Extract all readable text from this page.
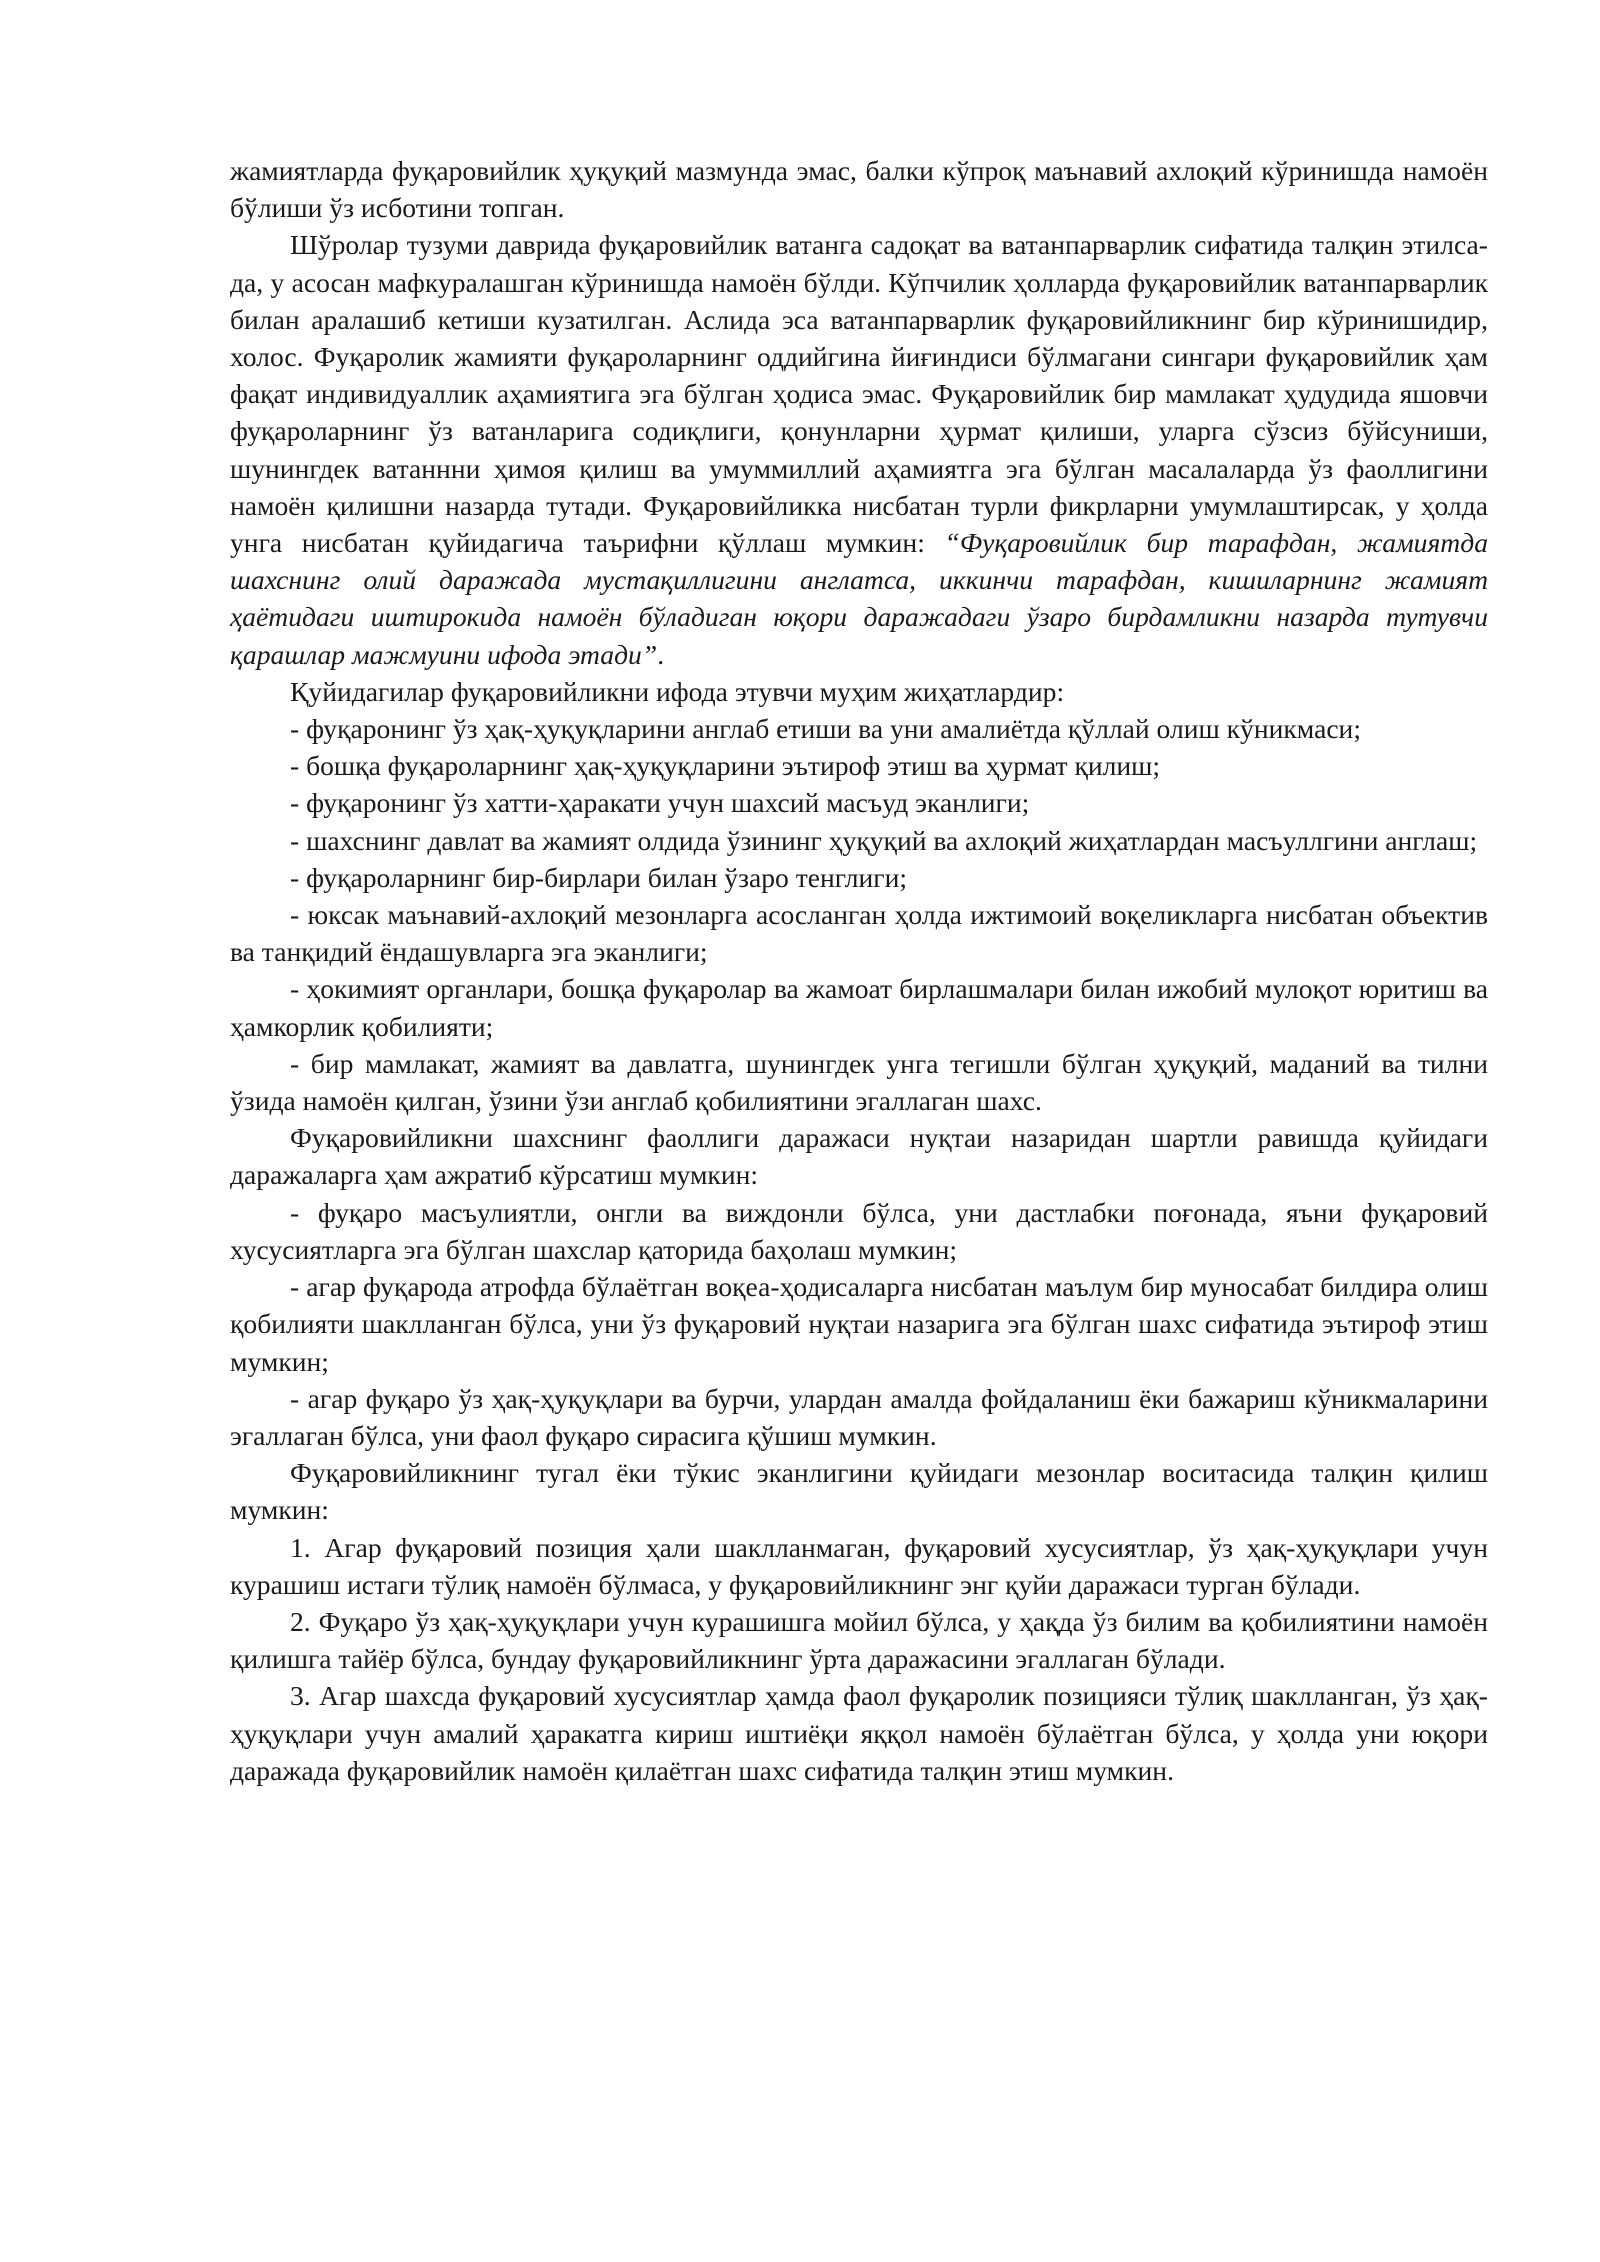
жамиятларда фуқаровийлик ҳуқуқий мазмунда эмас, балки кўпроқ маънавий ахлоқий кўринишда намоён бўлиши ўз исботини топган.

Шўролар тузуми даврида фуқаровийлик ватанга садоқат ва ватанпарварлик сифатида талқин этилса-да, у асосан мафкуралашган кўринишда намоён бўлди. Кўпчилик ҳолларда фуқаровийлик ватанпарварлик билан аралашиб кетиши кузатилган. Аслида эса ватанпарварлик фуқаровийликнинг бир кўринишидир, холос. Фуқаролик жамияти фуқароларнинг оддийгина йиғиндиси бўлмагани сингари фуқаровийлик ҳам фақат индивидуаллик аҳамиятига эга бўлган ҳодиса эмас. Фуқаровийлик бир мамлакат ҳудудида яшовчи фуқароларнинг ўз ватанларига содиқлиги, қонунларни ҳурмат қилиши, уларга сўзсиз бўйсуниши, шунингдек ватаннни ҳимоя қилиш ва умуммиллий аҳамиятга эга бўлган масалаларда ўз фаоллигини намоён қилишни назарда тутади. Фуқаровийликка нисбатан турли фикрларни умумлаштирсак, у ҳолда унга нисбатан қуйидагича таърифни қўллаш мумкин: “Фуқаровийлик бир тарафдан, жамиятда шахснинг олий даражада мустақиллигини англатса, иккинчи тарафдан, кишиларнинг жамият ҳаётидаги иштирокида намоён бўладиган юқори даражадаги ўзаро бирдамликни назарда тутувчи қарашлар мажмуини ифода этади”.

Қуйидагилар фуқаровийликни ифода этувчи муҳим жиҳатлардир:

- фуқаронинг ўз ҳақ-ҳуқуқларини англаб етиши ва уни амалиётда қўллай олиш кўникмаси;

- бошқа фуқароларнинг ҳақ-ҳуқуқларини эътироф этиш ва ҳурмат қилиш;

- фуқаронинг ўз хатти-ҳаракати учун шахсий масъуд эканлиги;

- шахснинг давлат ва жамият олдида ўзининг ҳуқуқий ва ахлоқий жиҳатлардан масъуллгини англаш;

- фуқароларнинг бир-бирлари билан ўзаро тенглиги;

- юксак маънавий-ахлоқий мезонларга асосланган ҳолда ижтимоий воқеликларга нисбатан объектив ва танқидий ёндашувларга эга эканлиги;

- ҳокимият органлари, бошқа фуқаролар ва жамоат бирлашмалари билан ижобий мулоқот юритиш ва ҳамкорлик қобилияти;

- бир мамлакат, жамият ва давлатга, шунингдек унга тегишли бўлган ҳуқуқий, маданий ва тилни ўзида намоён қилган, ўзини ўзи англаб қобилиятини эгаллаган шахс.

Фуқаровийликни шахснинг фаоллиги даражаси нуқтаи назаридан шартли равишда қуйидаги даражаларга ҳам ажратиб кўрсатиш мумкин:

- фуқаро масъулиятли, онгли ва виждонли бўлса, уни дастлабки поғонада, яъни фуқаровий хусусиятларга эга бўлган шахслар қаторида баҳолаш мумкин;

- агар фуқарода атрофда бўлаётган воқеа-ҳодисаларга нисбатан маълум бир муносабат билдира олиш қобилияти шаклланган бўлса, уни ўз фуқаровий нуқтаи назарига эга бўлган шахс сифатида эътироф этиш мумкин;

- агар фуқаро ўз ҳақ-ҳуқуқлари ва бурчи, улардан амалда фойдаланиш ёки бажариш кўникмаларини эгаллаган бўлса, уни фаол фуқаро сирасига қўшиш мумкин.

Фуқаровийликнинг тугал ёки тўкис эканлигини қуйидаги мезонлар воситасида талқин қилиш мумкин:

1. Агар фуқаровий позиция ҳали шаклланмаган, фуқаровий хусусиятлар, ўз ҳақ-ҳуқуқлари учун курашиш истаги тўлиқ намоён бўлмаса, у фуқаровийликнинг энг қуйи даражаси турган бўлади.

2. Фуқаро ўз ҳақ-ҳуқуқлари учун курашишга мойил бўлса, у ҳақда ўз билим ва қобилиятини намоён қилишга тайёр бўлса, бундау фуқаровийликнинг ўрта даражасини эгаллаган бўлади.

3. Агар шахсда фуқаровий хусусиятлар ҳамда фаол фуқаролик позицияси тўлиқ шаклланган, ўз ҳақ-ҳуқуқлари учун амалий ҳаракатга кириш иштиёқи яққол намоён бўлаётган бўлса, у ҳолда уни юқори даражада фуқаровийлик намоён қилаётган шахс сифатида талқин этиш мумкин.
